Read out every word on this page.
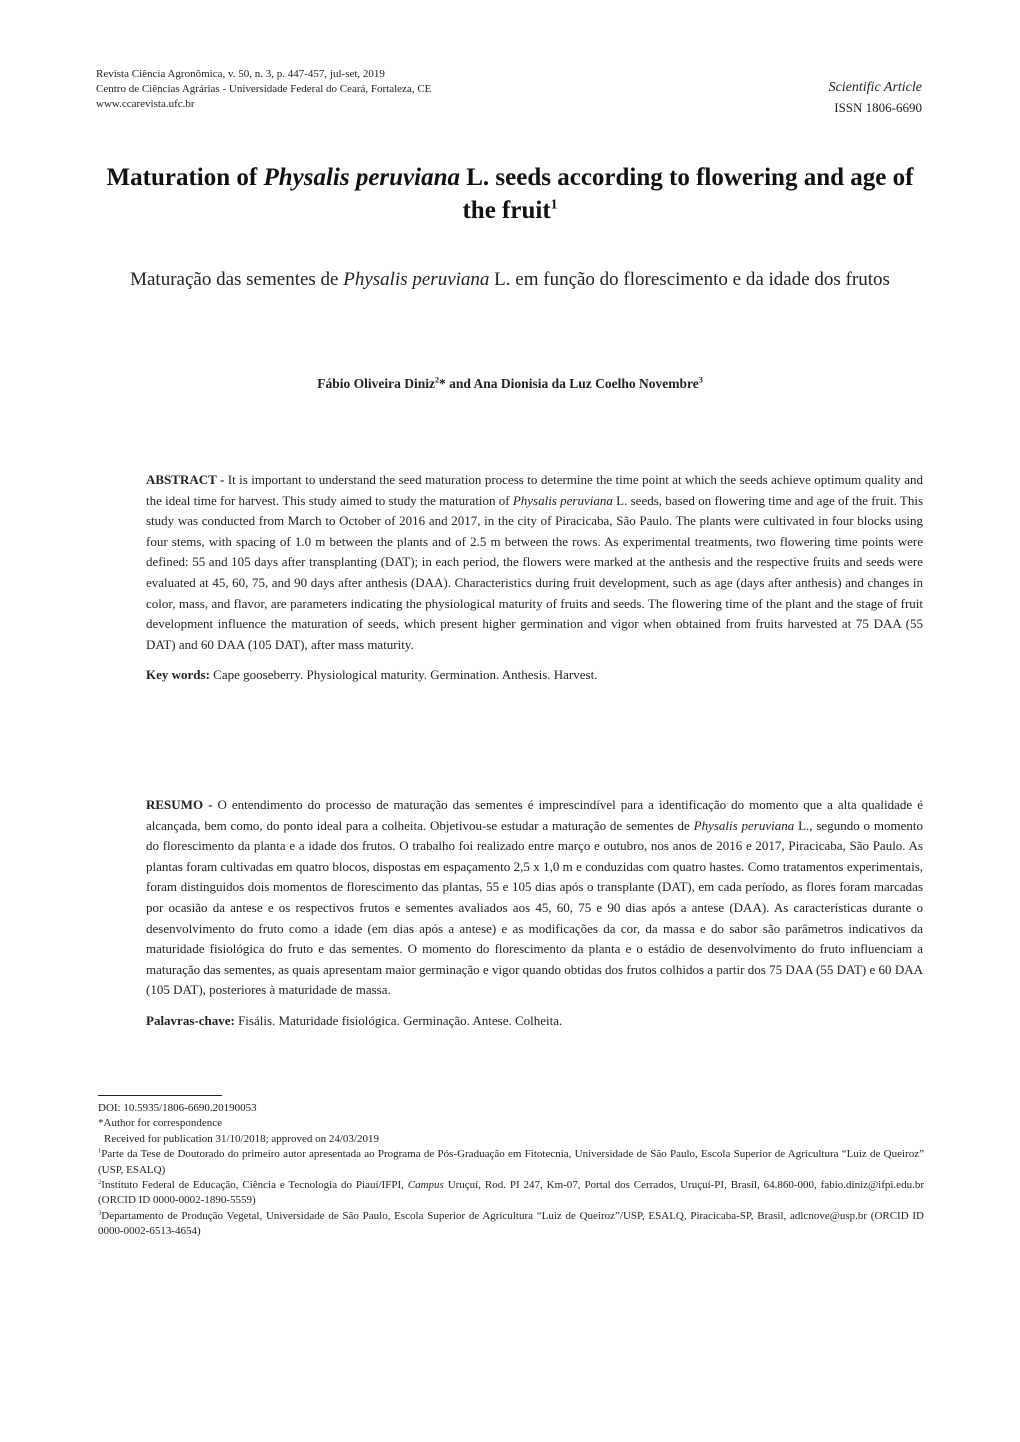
Revista Ciência Agronômica, v. 50, n. 3, p. 447-457, jul-set, 2019
Centro de Ciências Agrárias - Universidade Federal do Ceará, Fortaleza, CE
www.ccarevista.ufc.br
Scientific Article
ISSN 1806-6690
Maturation of Physalis peruviana L. seeds according to flowering and age of the fruit$^1$
Maturação das sementes de Physalis peruviana L. em função do florescimento e da idade dos frutos
Fábio Oliveira Diniz$^2$* and Ana Dionisia da Luz Coelho Novembre$^3$
ABSTRACT - It is important to understand the seed maturation process to determine the time point at which the seeds achieve optimum quality and the ideal time for harvest. This study aimed to study the maturation of Physalis peruviana L. seeds, based on flowering time and age of the fruit. This study was conducted from March to October of 2016 and 2017, in the city of Piracicaba, São Paulo. The plants were cultivated in four blocks using four stems, with spacing of 1.0 m between the plants and of 2.5 m between the rows. As experimental treatments, two flowering time points were defined: 55 and 105 days after transplanting (DAT); in each period, the flowers were marked at the anthesis and the respective fruits and seeds were evaluated at 45, 60, 75, and 90 days after anthesis (DAA). Characteristics during fruit development, such as age (days after anthesis) and changes in color, mass, and flavor, are parameters indicating the physiological maturity of fruits and seeds. The flowering time of the plant and the stage of fruit development influence the maturation of seeds, which present higher germination and vigor when obtained from fruits harvested at 75 DAA (55 DAT) and 60 DAA (105 DAT), after mass maturity.
Key words: Cape gooseberry. Physiological maturity. Germination. Anthesis. Harvest.
RESUMO - O entendimento do processo de maturação das sementes é imprescindível para a identificação do momento que a alta qualidade é alcançada, bem como, do ponto ideal para a colheita. Objetivou-se estudar a maturação de sementes de Physalis peruviana L., segundo o momento do florescimento da planta e a idade dos frutos. O trabalho foi realizado entre março e outubro, nos anos de 2016 e 2017, Piracicaba, São Paulo. As plantas foram cultivadas em quatro blocos, dispostas em espaçamento 2,5 x 1,0 m e conduzidas com quatro hastes. Como tratamentos experimentais, foram distinguidos dois momentos de florescimento das plantas, 55 e 105 dias após o transplante (DAT), em cada período, as flores foram marcadas por ocasião da antese e os respectivos frutos e sementes avaliados aos 45, 60, 75 e 90 dias após a antese (DAA). As características durante o desenvolvimento do fruto como a idade (em dias após a antese) e as modificações da cor, da massa e do sabor são parâmetros indicativos da maturidade fisiológica do fruto e das sementes. O momento do florescimento da planta e o estádio de desenvolvimento do fruto influenciam a maturação das sementes, as quais apresentam maior germinação e vigor quando obtidas dos frutos colhidos a partir dos 75 DAA (55 DAT) e 60 DAA (105 DAT), posteriores à maturidade de massa.
Palavras-chave: Fisális. Maturidade fisiológica. Germinação. Antese. Colheita.
DOI: 10.5935/1806-6690.20190053
*Author for correspondence
Received for publication 31/10/2018; approved on 24/03/2019
$^1$Parte da Tese de Doutorado do primeiro autor apresentada ao Programa de Pós-Graduação em Fitotecnia, Universidade de São Paulo, Escola Superior de Agricultura “Luiz de Queiroz” (USP, ESALQ)
$^2$Instituto Federal de Educação, Ciência e Tecnologia do Piauí/IFPI, Campus Uruçuí, Rod. PI 247, Km-07, Portal dos Cerrados, Uruçuí-PI, Brasil, 64.860-000, fabio.diniz@ifpi.edu.br (ORCID ID 0000-0002-1890-5559)
$^3$Departamento de Produção Vegetal, Universidade de São Paulo, Escola Superior de Agricultura “Luiz de Queiroz”/USP, ESALQ, Piracicaba-SP, Brasil, adlcnove@usp.br (ORCID ID 0000-0002-6513-4654)
